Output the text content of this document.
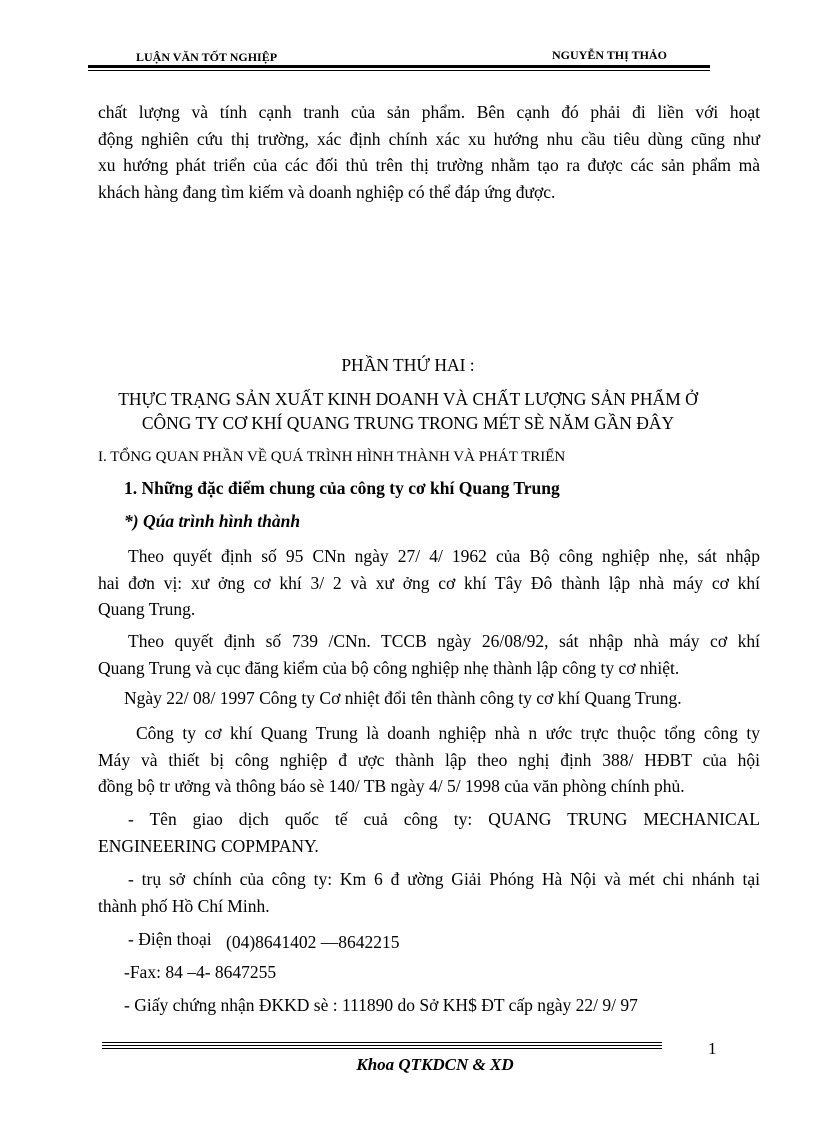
LUẬN VĂN TỐT NGHIỆP	NGUYỄN THỊ THẢO
chất lượng và tính cạnh tranh của sản phẩm. Bên cạnh đó phải đi liền với hoạt
động nghiên cứu thị trường, xác định chính xác xu hướng nhu cầu tiêu dùng cũng như
xu hướng phát triển của các đối thủ trên thị trường nhằm tạo ra được các sản phẩm mà
khách hàng đang tìm kiếm và doanh nghiệp có thể đáp ứng được.
PHẦN THỨ HAI :
THỰC TRẠNG SẢN XUẤT KINH DOANH VÀ CHẤT LƯỢNG SẢN PHẨM Ở
CÔNG TY CƠ KHÍ QUANG TRUNG TRONG MÉT SÈ NĂM GẦN ĐÂY
I. TỔNG QUAN PHẦN VỀ QUÁ TRÌNH HÌNH THÀNH VÀ PHÁT TRIỂN
1. Những đặc điểm chung của công ty cơ khí Quang Trung
*) Qúa trình hình thành
Theo quyết định số 95 CNn ngày 27/ 4/ 1962 của Bộ công nghiệp nhẹ, sát nhập
hai đơn vị: xư ởng cơ khí 3/ 2 và xư ởng cơ khí Tây Đô thành lập nhà máy cơ khí
Quang Trung.
Theo quyết định số 739 /CNn. TCCB ngày 26/08/92, sát nhập nhà máy cơ khí
Quang Trung và cục đăng kiểm của bộ công nghiệp nhẹ thành lập công ty cơ nhiệt.
Ngày 22/ 08/ 1997 Công ty Cơ nhiệt đổi tên thành công ty cơ khí Quang Trung.
Công ty cơ khí Quang Trung là doanh nghiệp nhà n ước trực thuộc tổng công ty
Máy và thiết bị công nghiệp đ ược thành lập theo nghị định 388/ HĐBT của hội
đồng bộ tr ưởng và thông báo sè 140/ TB ngày 4/ 5/ 1998 của văn phòng chính phủ.
- Tên giao dịch quốc tế cuả công ty: QUANG TRUNG MECHANICAL
ENGINEERING COPMPANY.
- trụ sở chính của công ty: Km 6 đ ường Giải Phóng Hà Nội và mét chi nhánh tại
thành phố Hồ Chí Minh.
- Điện thoại (04)8641402 —8642215
-Fax: 84 –4- 8647255
- Giấy chứng nhận ĐKKD sè : 111890 do Sở KH$ ĐT cấp ngày 22/ 9/ 97
1
Khoa QTKDCN & XD
